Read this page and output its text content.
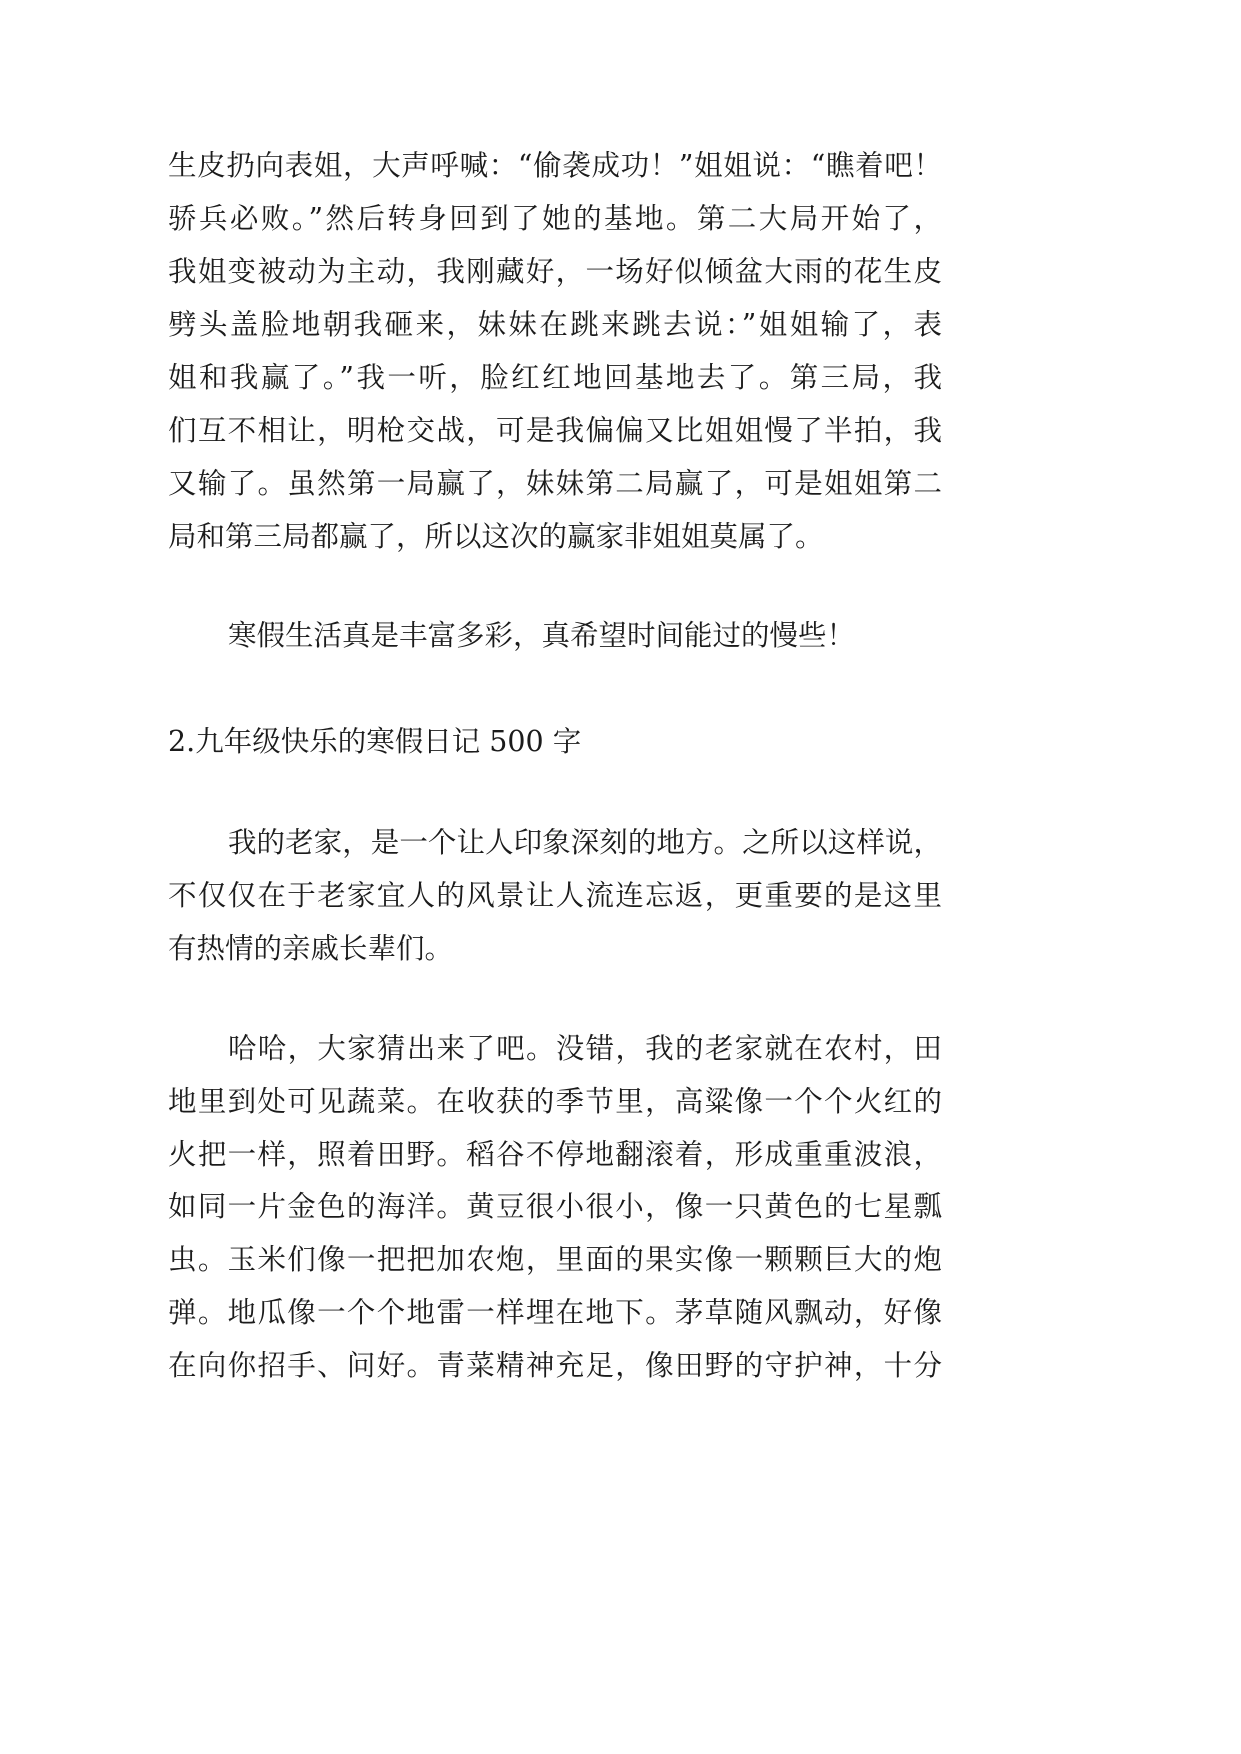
生皮扔向表姐，大声呼喊：“偷袭成功！”姐姐说：“瞧着吧！
骄兵必败。”然后转身回到了她的基地。第二大局开始了，
我姐变被动为主动，我刚藏好，一场好似倾盆大雨的花生皮
劈头盖脸地朝我砸来，妹妹在跳来跳去说：”姐姐输了，表
姐和我赢了。”我一听，脸红红地回基地去了。第三局，我
们互不相让，明枪交战，可是我偏偏又比姐姐慢了半拍，我
又输了。虽然第一局赢了，妹妹第二局赢了，可是姐姐第二
局和第三局都赢了，所以这次的赢家非姐姐莫属了。
寒假生活真是丰富多彩，真希望时间能过的慢些！
2.九年级快乐的寒假日记 500 字
我的老家，是一个让人印象深刻的地方。之所以这样说，
不仅仅在于老家宜人的风景让人流连忘返，更重要的是这里
有热情的亲戚长辈们。
哈哈，大家猜出来了吧。没错，我的老家就在农村，田
地里到处可见蔬菜。在收获的季节里，高粱像一个个火红的
火把一样，照着田野。稻谷不停地翻滚着，形成重重波浪，
如同一片金色的海洋。黄豆很小很小，像一只黄色的七星瓢
虫。玉米们像一把把加农炮，里面的果实像一颗颗巨大的炮
弹。地瓜像一个个地雷一样埋在地下。茅草随风飘动，好像
在向你招手、问好。青菜精神充足，像田野的守护神，十分
